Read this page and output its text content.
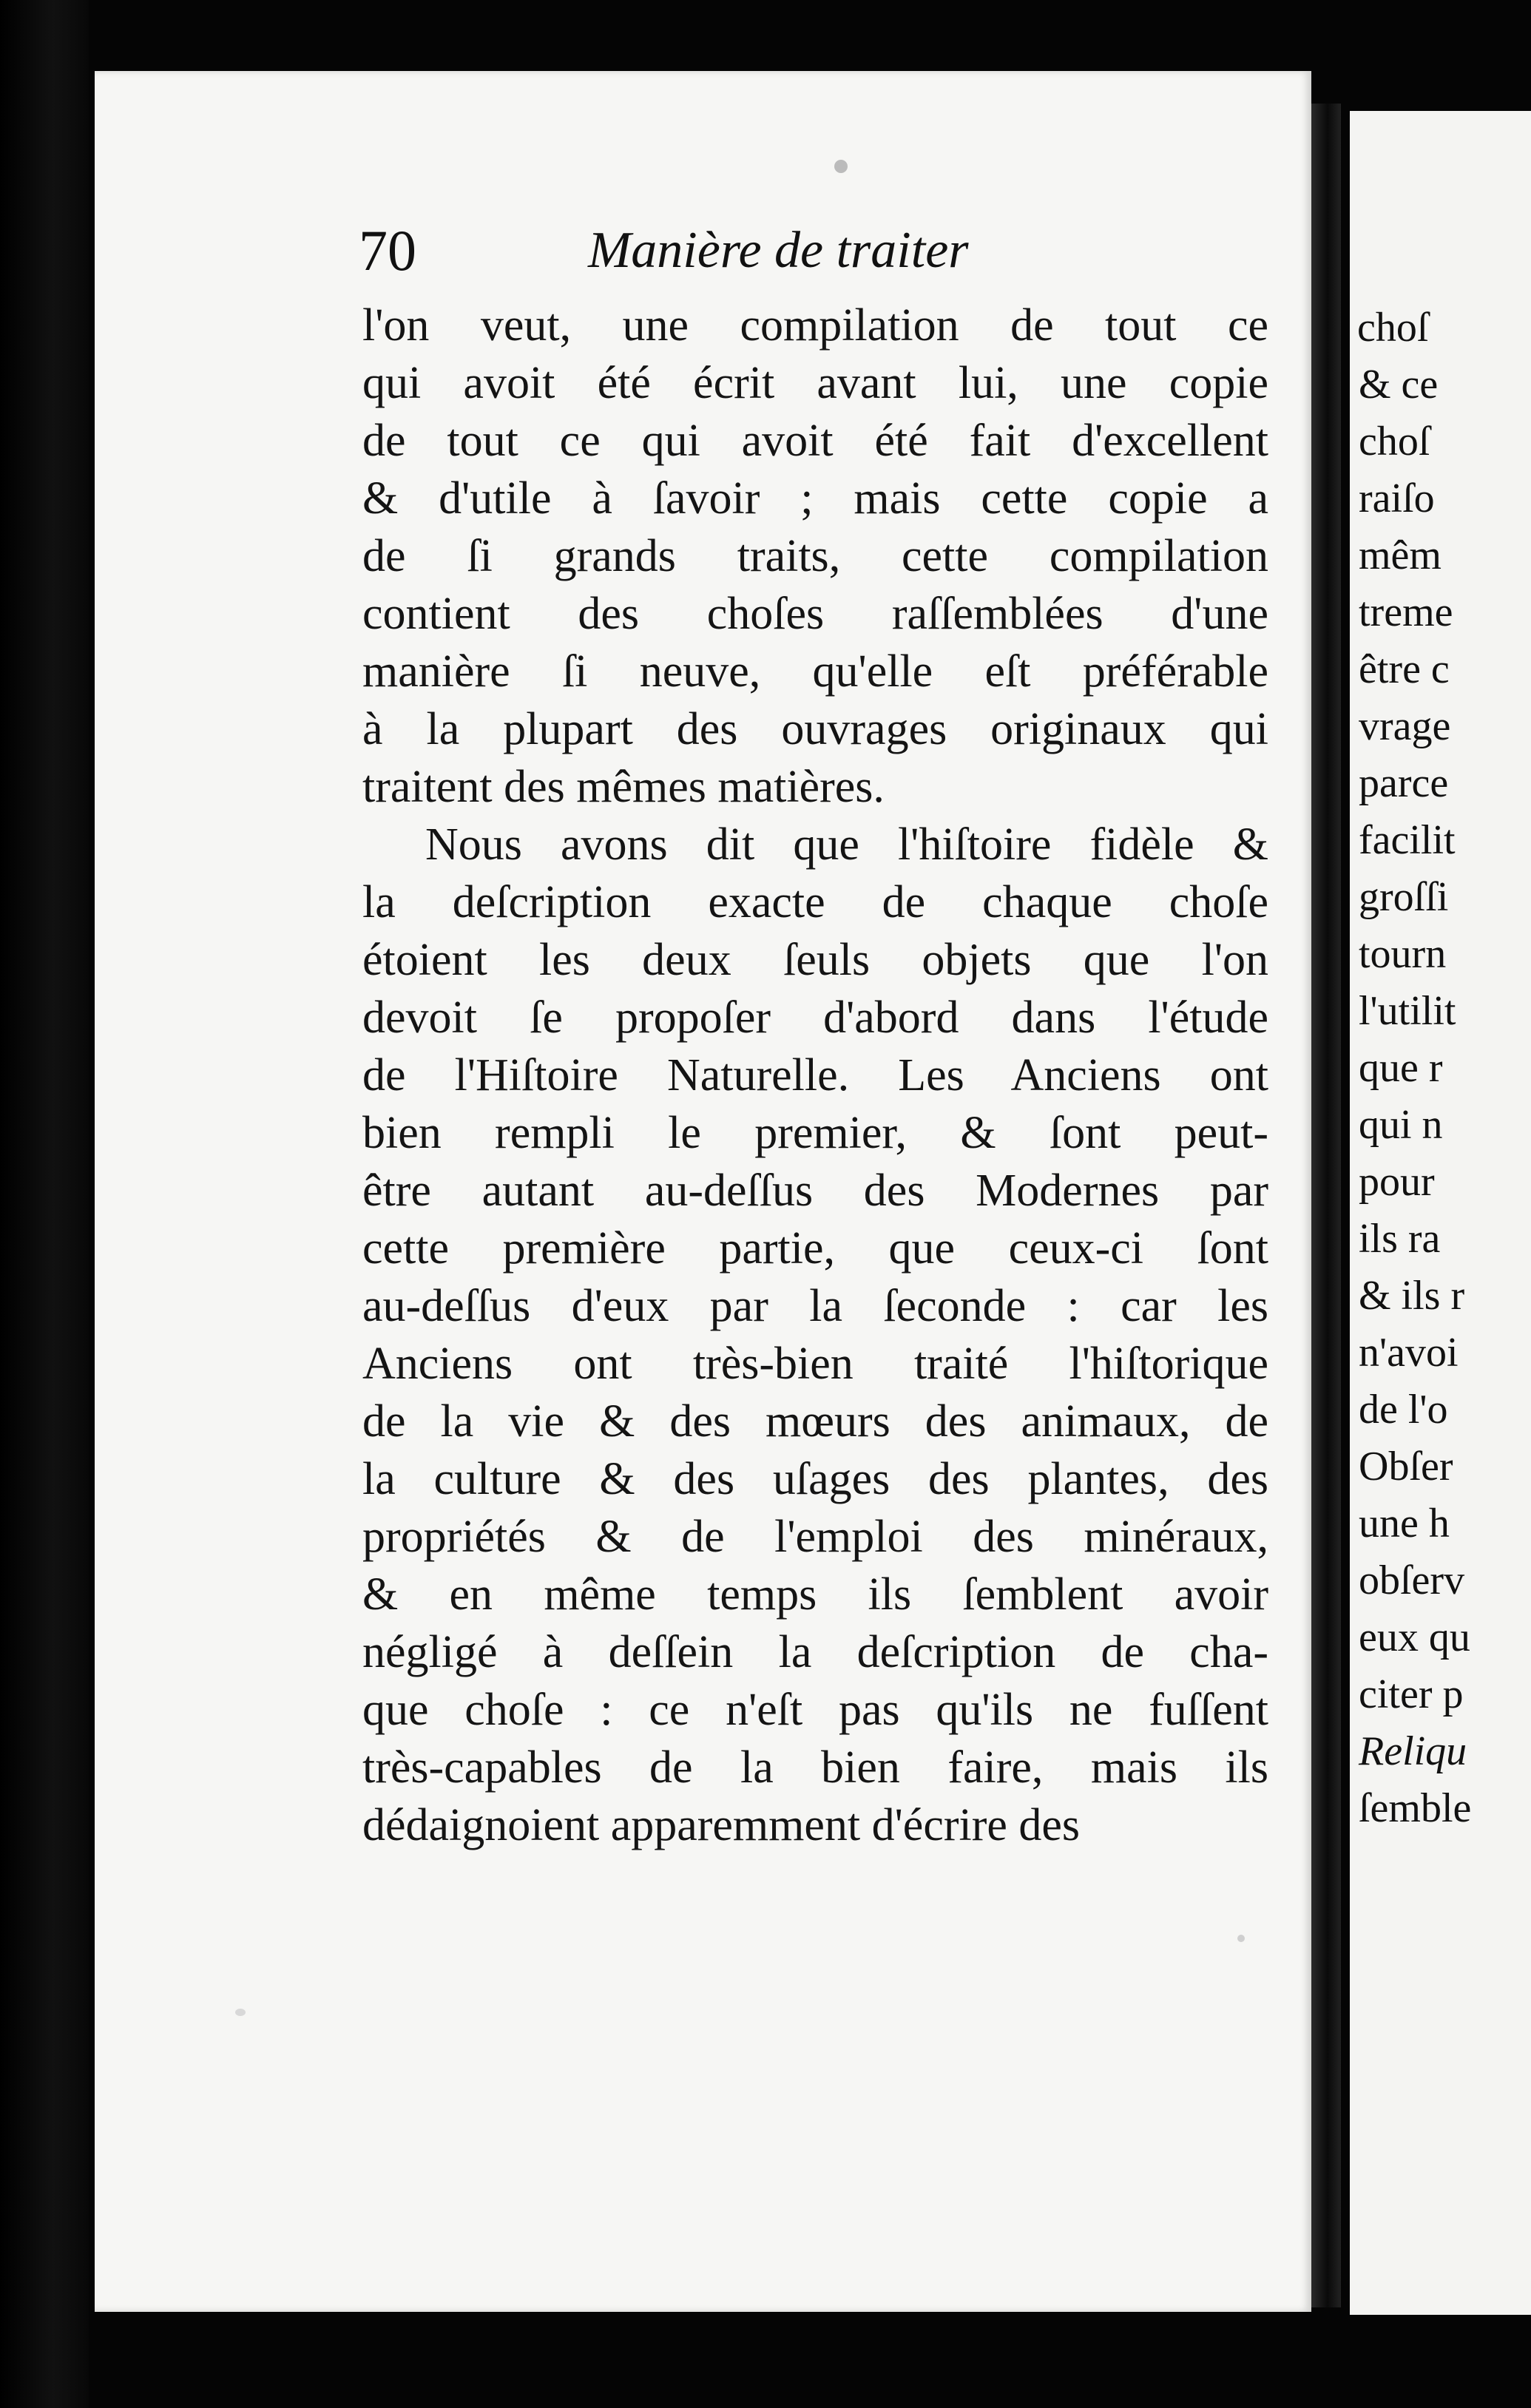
choſ
& ce
choſ
raiſo
mêm
treme
être c
vrage
parce
facilit
groſſi
tourn
l'utilit
que r
qui n
pour
ils ra
& ils r
n'avoi
de l'o
Obſer
une h
obſerv
eux qu
citer p
Reliqu
ſemble
70	Manière de traiter
l'on veut, une compilation de tout ce
qui avoit été écrit avant lui, une copie
de tout ce qui avoit été fait d'excellent
& d'utile à ſavoir ; mais cette copie a
de ſi grands traits, cette compilation
contient des choſes raſſemblées d'une
manière ſi neuve, qu'elle eſt préférable
à la plupart des ouvrages originaux qui
traitent des mêmes matières.
Nous avons dit que l'hiſtoire fidèle &
la deſcription exacte de chaque choſe
étoient les deux ſeuls objets que l'on
devoit ſe propoſer d'abord dans l'étude
de l'Hiſtoire Naturelle. Les Anciens ont
bien rempli le premier, & ſont peut-
être autant au-deſſus des Modernes par
cette première partie, que ceux-ci ſont
au-deſſus d'eux par la ſeconde : car les
Anciens ont très-bien traité l'hiſtorique
de la vie & des mœurs des animaux, de
la culture & des uſages des plantes, des
propriétés & de l'emploi des minéraux,
& en même temps ils ſemblent avoir
négligé à deſſein la deſcription de cha-
que choſe : ce n'eſt pas qu'ils ne fuſſent
très-capables de la bien faire, mais ils
dédaignoient apparemment d'écrire des
